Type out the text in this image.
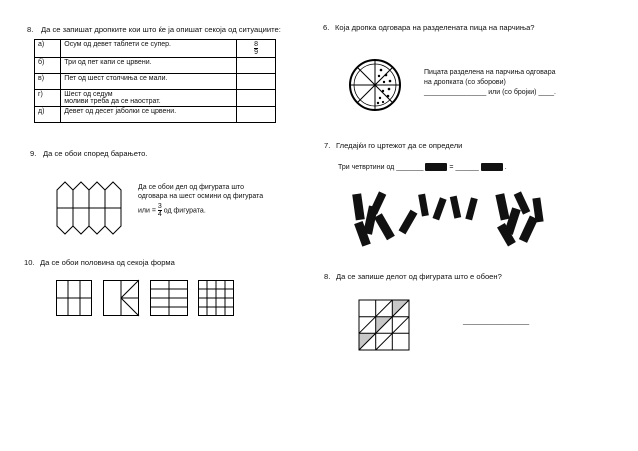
8. Да се запишат дропките кои што ќе ја опишат секоја од ситуациите:
а)	Осум од девет таблети се супер.	$\frac{8}{9}$

б)	Три од пет капи се црвени.	
в)	Пет од шест столчиња се мали.	
г)	Шест од седум
моливи треба да се наострат.	

д)	Девет од десет јаболки се црвени.	
9. Да се обои според барањето.
Да се обои дел од фигурата што
одговара на шест осмини од фигурата
или = $\frac{3}{4}$ од фигурата.
10. Да се обои половина од секоја форма
6. Која дропка одговара на разделената пица на парчиња?
Пицата разделена на парчиња одговара
на дропката (со зборови)
________________ или (со бројки) ____.
7. Гледајќи го цртежот да се определи
Три четвртини од _______	= ______	.
8. Да се запише делот од фигурата што е обоен?
_________________
